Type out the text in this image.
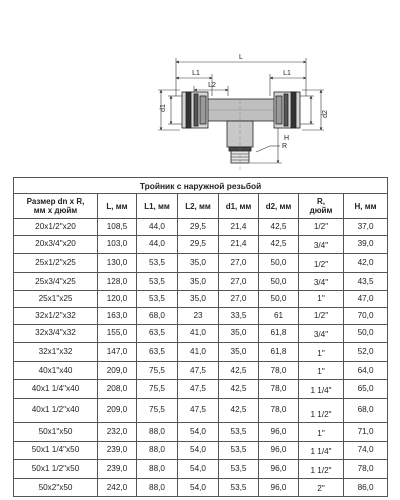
L
L1	L1
L2
d1
d2
R
H
Тройник с наружной резьбой							

Размер dn x R,
мм х дюйм	L, мм	L1, мм	L2, мм	d1, мм	d2, мм	R,
дюйм	H, мм

20x1/2"x20	108,5	44,0	29,5	21,4	42,5	1/2"	37,0
20x3/4"x20	103,0	44,0	29,5	21,4	42,5	3/4"	39,0
25x1/2"x25	130,0	53,5	35,0	27,0	50,0	1/2"	42,0
25x3/4"x25	128,0	53,5	35,0	27,0	50,0	3/4"	43,5
25x1"x25	120,0	53,5	35,0	27,0	50,0	1"	47,0
32x1/2"x32	163,0	68,0	23	33,5	61	1/2"	70,0
32x3/4"x32	155,0	63,5	41,0	35,0	61,8	3/4"	50,0
32x1"x32	147,0	63,5	41,0	35,0	61,8	1"	52,0
40x1"x40	209,0	75,5	47,5	42,5	78,0	1"	64,0
40x1 1/4"x40	208,0	75,5	47,5	42,5	78,0	1 1/4"	65,0
40x1 1/2"x40	209,0	75,5	47,5	42,5	78,0	1 1/2"	68,0
50x1"x50	232,0	88,0	54,0	53,5	96,0	1"	71,0
50x1 1/4"x50	239,0	88,0	54,0	53,5	96,0	1 1/4"	74,0
50x1 1/2"x50	239,0	88,0	54,0	53,5	96,0	1 1/2"	78,0
50x2"x50	242,0	88,0	54,0	53,5	96,0	2"	86,0
